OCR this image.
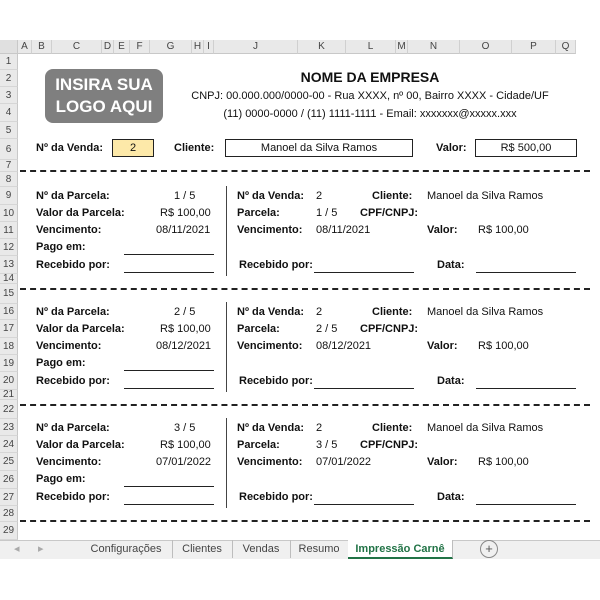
A	B	C	D E	F	G	H I	J	K	L	M	N	O	P	Q
1
2
3
4
5
6
7
8
9
10
11
12
13
14
15
16
17
18
19
20
21
22
23
24
25
26
27
28
29
INSIRA SUA
LOGO AQUI
NOME DA EMPRESA
CNPJ: 00.000.000/0000-00 - Rua XXXX, nº 00, Bairro XXXX - Cidade/UF
(11) 0000-0000 / (11) 1111-1111 - Email: xxxxxxx@xxxxx.xxx
Nº da Venda:	2	Cliente:	Manoel da Silva Ramos	Valor:	R$ 500,00
Nº da Parcela:	1 / 5
Valor da Parcela:	R$ 100,00
Vencimento:	08/11/2021
Pago em:
Recebido por:
Nº da Venda: 2	Cliente: Manoel da Silva Ramos
Parcela:	1 / 5 CPF/CNPJ:
Vencimento: 08/11/2021	Valor: R$ 100,00
Recebido por:	Data:
Nº da Parcela:	2 / 5
Valor da Parcela:	R$ 100,00
Vencimento:	08/12/2021
Pago em:
Recebido por:
Nº da Venda: 2	Cliente: Manoel da Silva Ramos
Parcela:	2 / 5 CPF/CNPJ:
Vencimento: 08/12/2021	Valor: R$ 100,00
Recebido por:	Data:
Nº da Parcela:	3 / 5
Valor da Parcela:	R$ 100,00
Vencimento:	07/01/2022
Pago em:
Recebido por:
Nº da Venda: 2	Cliente: Manoel da Silva Ramos
Parcela:	3 / 5 CPF/CNPJ:
Vencimento: 07/01/2022	Valor: R$ 100,00
Recebido por:	Data:
◂ ▸	Configurações	Clientes	Vendas	Resumo	Impressão Carnê	+
